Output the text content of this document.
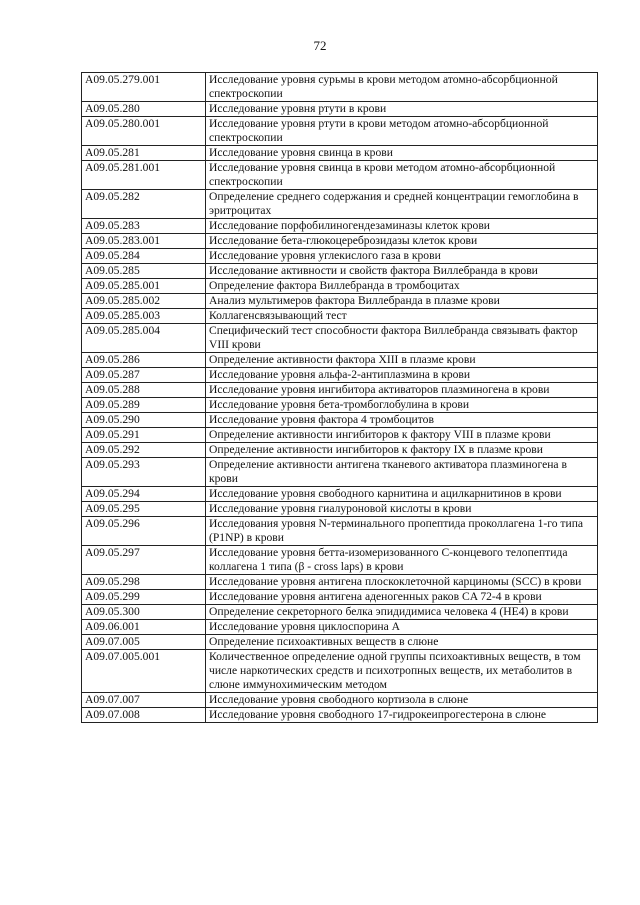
72
A09.05.279.001	Исследование уровня сурьмы в крови методом атомно-абсорбционной спектроскопии
A09.05.280	Исследование уровня ртути в крови
A09.05.280.001	Исследование уровня ртути в крови методом атомно-абсорбционной спектроскопии
A09.05.281	Исследование уровня свинца в крови
A09.05.281.001	Исследование уровня свинца в крови методом атомно-абсорбционной спектроскопии
A09.05.282	Определение среднего содержания и средней концентрации гемоглобина в эритроцитах
A09.05.283	Исследование порфобилиногендезаминазы клеток крови
A09.05.283.001	Исследование бета-глюкоцереброзидазы клеток крови
A09.05.284	Исследование уровня углекислого газа в крови
A09.05.285	Исследование активности и свойств фактора Виллебранда в крови
A09.05.285.001	Определение фактора Виллебранда в тромбоцитах
A09.05.285.002	Анализ мультимеров фактора Виллебранда в плазме крови
A09.05.285.003	Коллагенсвязывающий тест
A09.05.285.004	Специфический тест способности фактора Виллебранда связывать фактор VIII крови
A09.05.286	Определение активности фактора XIII в плазме крови
A09.05.287	Исследование уровня альфа-2-антиплазмина в крови
A09.05.288	Исследование уровня ингибитора активаторов плазминогена в крови
A09.05.289	Исследование уровня бета-тромбоглобулина в крови
A09.05.290	Исследование уровня фактора 4 тромбоцитов
A09.05.291	Определение активности ингибиторов к фактору VIII в плазме крови
A09.05.292	Определение активности ингибиторов к фактору IX в плазме крови
A09.05.293	Определение активности антигена тканевого активатора плазминогена в крови
A09.05.294	Исследование уровня свободного карнитина и ацилкарнитинов в крови
A09.05.295	Исследование уровня гиалуроновой кислоты в крови
A09.05.296	Исследования уровня N-терминального пропептида проколлагена 1-го типа (P1NP) в крови
A09.05.297	Исследование уровня бетта-изомеризованного С-концевого телопептида коллагена 1 типа (β - cross laps) в крови
A09.05.298	Исследование уровня антигена плоскоклеточной карциномы (SCC) в крови
A09.05.299	Исследование уровня антигена аденогенных раков CA 72-4 в крови
A09.05.300	Определение секреторного белка эпидидимиса человека 4 (HE4) в крови
A09.06.001	Исследование уровня циклоспорина А
A09.07.005	Определение психоактивных веществ в слюне
A09.07.005.001	Количественное определение одной группы психоактивных веществ, в том числе наркотических средств и психотропных веществ, их метаболитов в слюне иммунохимическим методом
A09.07.007	Исследование уровня свободного кортизола в слюне
A09.07.008	Исследование уровня свободного 17-гидрокеипрогестерона в слюне
